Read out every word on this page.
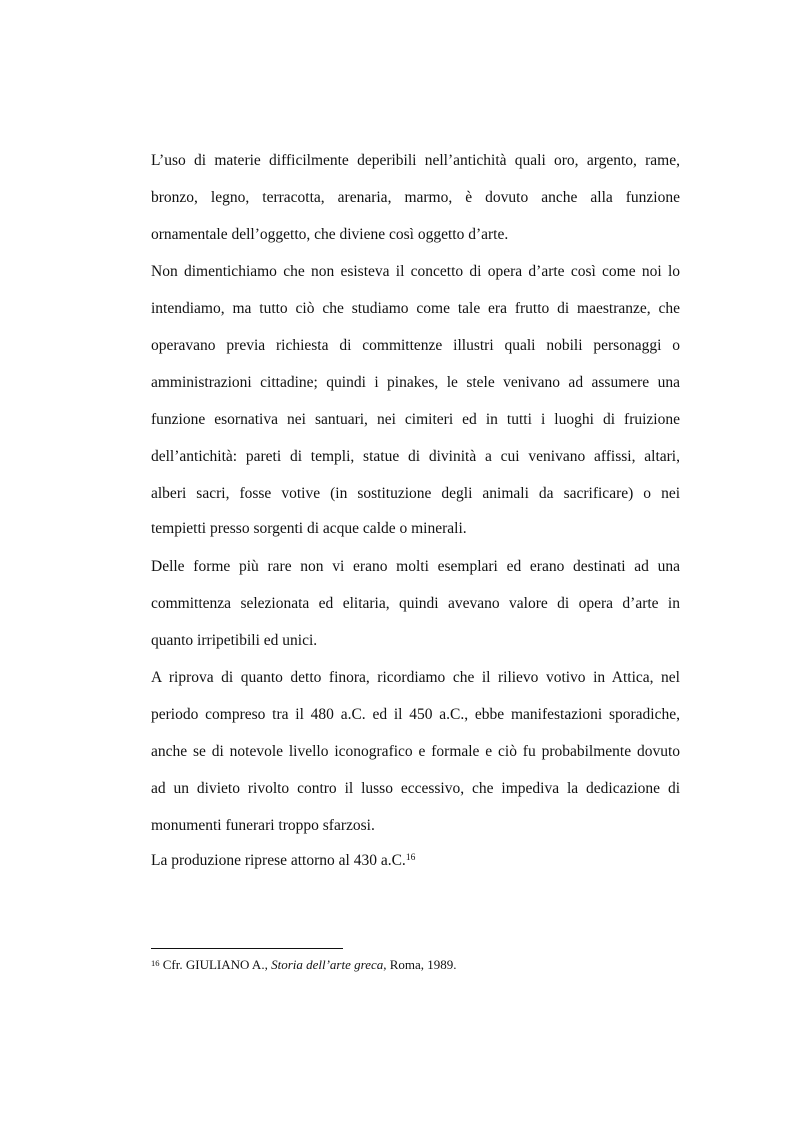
L’uso di materie difficilmente deperibili nell’antichità quali oro, argento, rame,
bronzo, legno, terracotta, arenaria, marmo, è dovuto anche alla funzione
ornamentale dell’oggetto, che diviene così oggetto d’arte.
Non dimentichiamo che non esisteva il concetto di opera d’arte così come noi lo
intendiamo, ma tutto ciò che studiamo come tale era frutto di maestranze, che
operavano previa richiesta di committenze illustri quali nobili personaggi o
amministrazioni cittadine; quindi i pinakes, le stele venivano ad assumere una
funzione esornativa nei santuari, nei cimiteri ed in tutti i luoghi di fruizione
dell’antichità: pareti di templi, statue di divinità a cui venivano affissi, altari,
alberi sacri, fosse votive (in sostituzione degli animali da sacrificare) o nei
tempietti presso sorgenti di acque calde o minerali.
Delle forme più rare non vi erano molti esemplari ed erano destinati ad una
committenza selezionata ed elitaria, quindi avevano valore di opera d’arte in
quanto irripetibili ed unici.
A riprova di quanto detto finora, ricordiamo che il rilievo votivo in Attica, nel
periodo compreso tra il 480 a.C. ed il 450 a.C., ebbe manifestazioni sporadiche,
anche se di notevole livello iconografico e formale e ciò fu probabilmente dovuto
ad un divieto rivolto contro il lusso eccessivo, che impediva la dedicazione di
monumenti funerari troppo sfarzosi.
La produzione riprese attorno al 430 a.C.$^{16}$
$^{16}$ Cfr. GIULIANO A., Storia dell’arte greca, Roma, 1989.
